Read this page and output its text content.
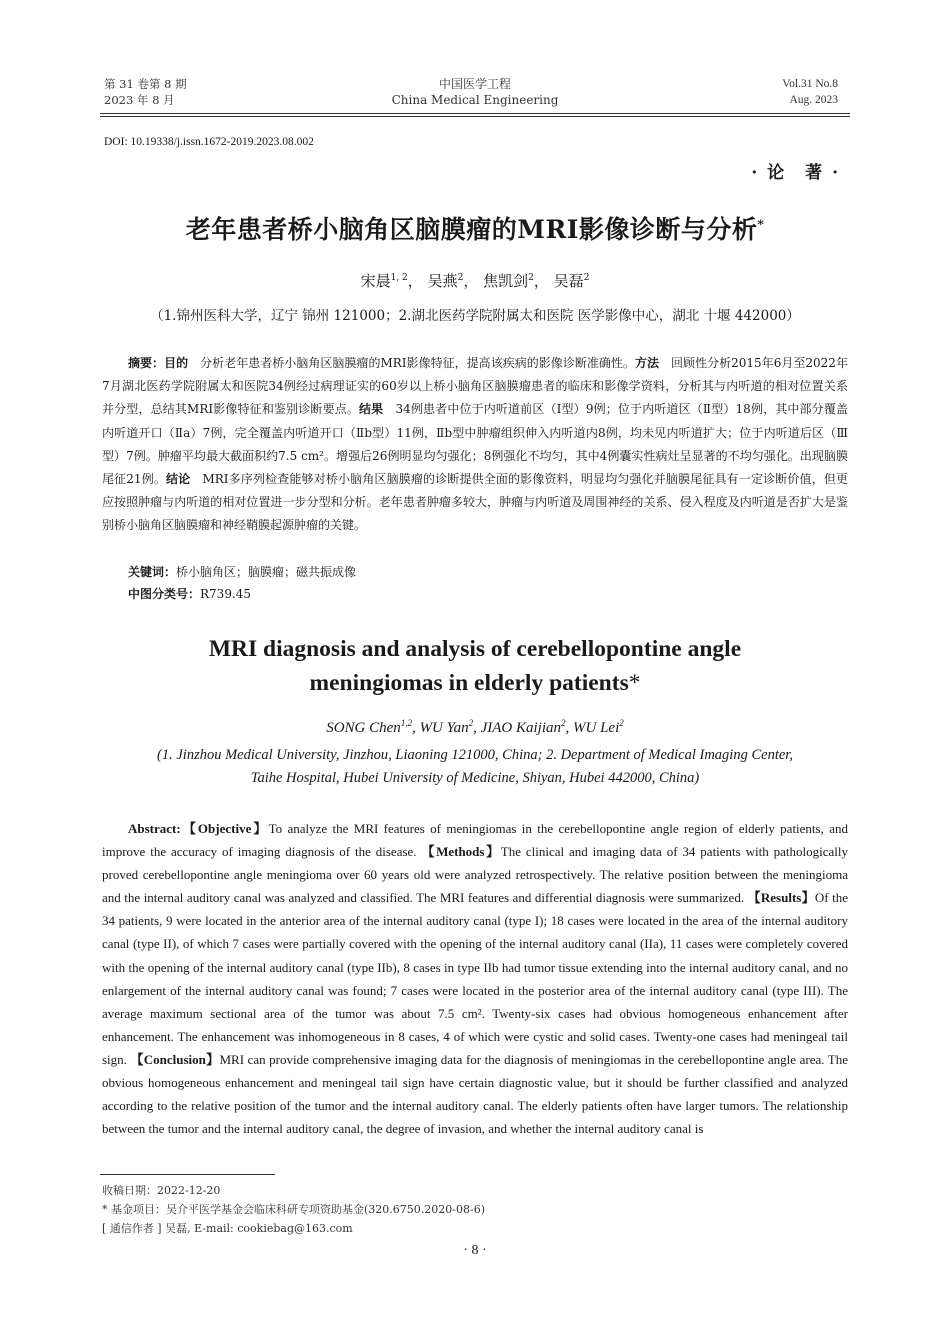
第 31 卷第 8 期
2023 年 8 月
中国医学工程
China Medical Engineering
Vol.31 No.8
Aug. 2023
DOI: 10.19338/j.issn.1672-2019.2023.08.002
· 论　著 ·
老年患者桥小脑角区脑膜瘤的MRI影像诊断与分析*
宋晨$^{1, 2}$， 吴燕$^2$， 焦凯剑$^2$， 吴磊$^2$
（1.锦州医科大学，辽宁 锦州 121000；2.湖北医药学院附属太和医院 医学影像中心，湖北 十堰 442000）
摘要：目的　分析老年患者桥小脑角区脑膜瘤的MRI影像特征，提高该疾病的影像诊断准确性。方法　回顾性分析2015年6月至2022年7月湖北医药学院附属太和医院34例经过病理证实的60岁以上桥小脑角区脑膜瘤患者的临床和影像学资料，分析其与内听道的相对位置关系并分型，总结其MRI影像特征和鉴别诊断要点。结果　34例患者中位于内听道前区（Ⅰ型）9例；位于内听道区（Ⅱ型）18例，其中部分覆盖内听道开口（Ⅱa）7例，完全覆盖内听道开口（Ⅱb型）11例，Ⅱb型中肿瘤组织伸入内听道内8例，均未见内听道扩大；位于内听道后区（Ⅲ型）7例。肿瘤平均最大截面积约7.5 cm²。增强后26例明显均匀强化；8例强化不均匀，其中4例囊实性病灶呈显著的不均匀强化。出现脑膜尾征21例。结论　MRI多序列检查能够对桥小脑角区脑膜瘤的诊断提供全面的影像资料，明显均匀强化并脑膜尾征具有一定诊断价值，但更应按照肿瘤与内听道的相对位置进一步分型和分析。老年患者肿瘤多较大，肿瘤与内听道及周围神经的关系、侵入程度及内听道是否扩大是鉴别桥小脑角区脑膜瘤和神经鞘膜起源肿瘤的关键。
关键词：桥小脑角区；脑膜瘤；磁共振成像
中图分类号：R739.45
MRI diagnosis and analysis of cerebellopontine angle
meningiomas in elderly patients*
SONG Chen$^{1,2}$, WU Yan$^2$, JIAO Kaijian$^2$, WU Lei$^2$
(1. Jinzhou Medical University, Jinzhou, Liaoning 121000, China; 2. Department of Medical Imaging Center,
Taihe Hospital, Hubei University of Medicine, Shiyan, Hubei 442000, China)
Abstract:【Objective】To analyze the MRI features of meningiomas in the cerebellopontine angle region of elderly patients, and improve the accuracy of imaging diagnosis of the disease. 【Methods】The clinical and imaging data of 34 patients with pathologically proved cerebellopontine angle meningioma over 60 years old were analyzed retrospectively. The relative position between the meningioma and the internal auditory canal was analyzed and classified. The MRI features and differential diagnosis were summarized. 【Results】Of the 34 patients, 9 were located in the anterior area of the internal auditory canal (type I); 18 cases were located in the area of the internal auditory canal (type II), of which 7 cases were partially covered with the opening of the internal auditory canal (IIa), 11 cases were completely covered with the opening of the internal auditory canal (type IIb), 8 cases in type IIb had tumor tissue extending into the internal auditory canal, and no enlargement of the internal auditory canal was found; 7 cases were located in the posterior area of the internal auditory canal (type III). The average maximum sectional area of the tumor was about 7.5 cm². Twenty-six cases had obvious homogeneous enhancement after enhancement. The enhancement was inhomogeneous in 8 cases, 4 of which were cystic and solid cases. Twenty-one cases had meningeal tail sign. 【Conclusion】MRI can provide comprehensive imaging data for the diagnosis of meningiomas in the cerebellopontine angle area. The obvious homogeneous enhancement and meningeal tail sign have certain diagnostic value, but it should be further classified and analyzed according to the relative position of the tumor and the internal auditory canal. The elderly patients often have larger tumors. The relationship between the tumor and the internal auditory canal, the degree of invasion, and whether the internal auditory canal is
收稿日期：2022-12-20
* 基金项目：吴介平医学基金会临床科研专项资助基金(320.6750.2020-08-6)
[ 通信作者 ] 吴磊, E-mail: cookiebag@163.com
· 8 ·
